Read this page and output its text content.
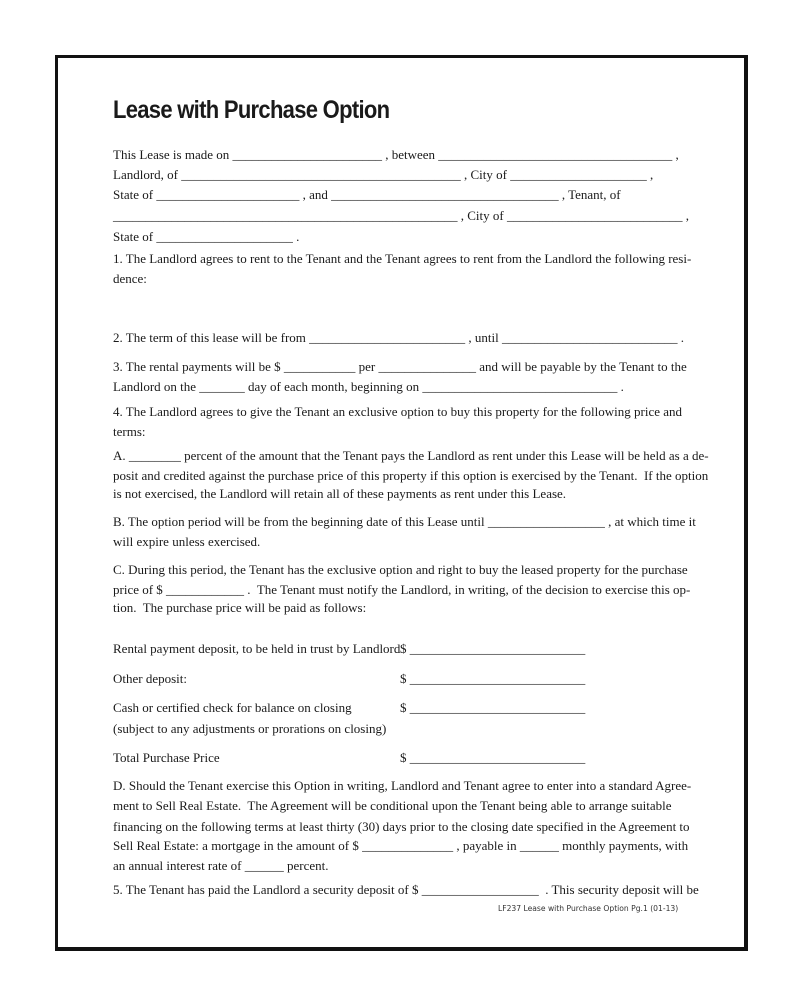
Lease with Purchase Option
This Lease is made on _______________________ , between ____________________________________ ,
Landlord, of ___________________________________________ , City of _____________________ ,
State of ______________________ , and ___________________________________ , Tenant, of
_____________________________________________________ , City of ___________________________ ,
State of _____________________ .
1. The Landlord agrees to rent to the Tenant and the Tenant agrees to rent from the Landlord the following resi-
dence:
2. The term of this lease will be from ________________________ , until ___________________________ .
3. The rental payments will be $ ___________ per _______________ and will be payable by the Tenant to the
Landlord on the _______ day of each month, beginning on ______________________________ .
4. The Landlord agrees to give the Tenant an exclusive option to buy this property for the following price and
terms:
A. ________ percent of the amount that the Tenant pays the Landlord as rent under this Lease will be held as a de-
posit and credited against the purchase price of this property if this option is exercised by the Tenant.  If the option
is not exercised, the Landlord will retain all of these payments as rent under this Lease.
B. The option period will be from the beginning date of this Lease until __________________ , at which time it
will expire unless exercised.
C. During this period, the Tenant has the exclusive option and right to buy the leased property for the purchase
price of $ ____________ .  The Tenant must notify the Landlord, in writing, of the decision to exercise this op-
tion.  The purchase price will be paid as follows:
Rental payment deposit, to be held in trust by Landlord $ ___________________________
Other deposit:	$ ___________________________
Cash or certified check for balance on closing	$ ___________________________
(subject to any adjustments or prorations on closing)
Total Purchase Price	$ ___________________________
D. Should the Tenant exercise this Option in writing, Landlord and Tenant agree to enter into a standard Agree-
ment to Sell Real Estate.  The Agreement will be conditional upon the Tenant being able to arrange suitable
financing on the following terms at least thirty (30) days prior to the closing date specified in the Agreement to
Sell Real Estate: a mortgage in the amount of $ ______________ , payable in ______ monthly payments, with
an annual interest rate of ______ percent.
5. The Tenant has paid the Landlord a security deposit of $ __________________  . This security deposit will be
LF237 Lease with Purchase Option Pg.1 (01-13)
